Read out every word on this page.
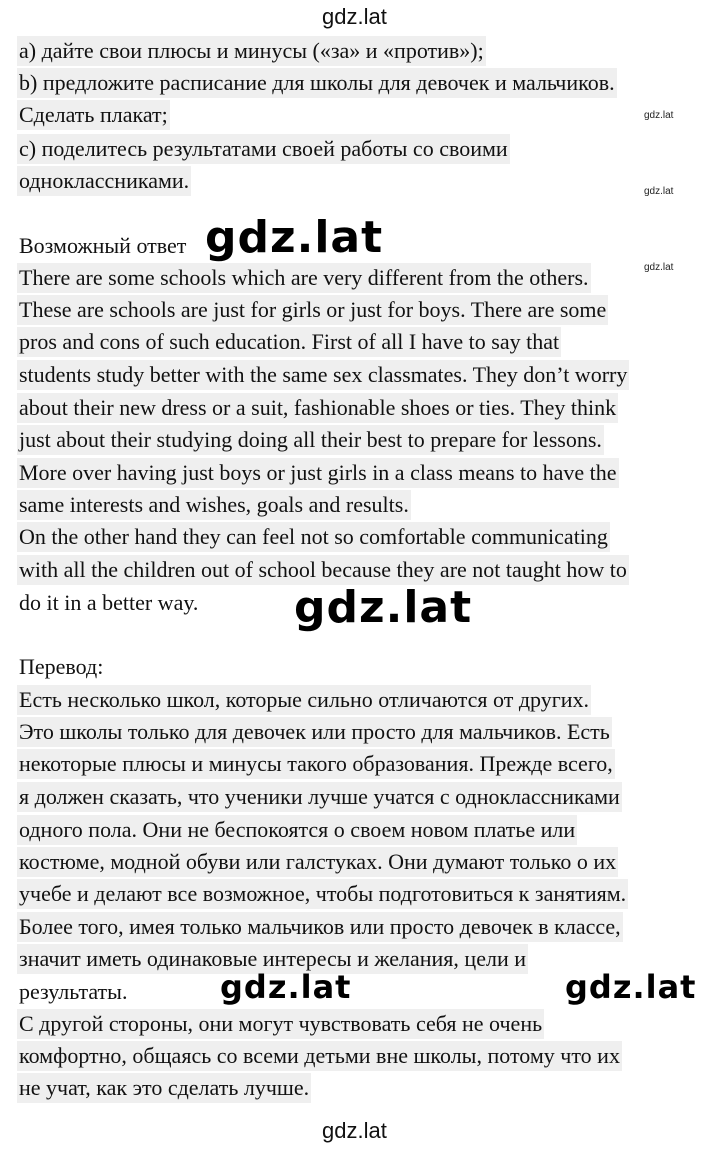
gdz.lat
a) дайте свои плюсы и минусы («за» и «против»);
b) предложите расписание для школы для девочек и мальчиков.
Сделать плакат;
c) поделитесь результатами своей работы со своими
одноклассниками.
gdz.lat
gdz.lat
gdz.lat
Возможный ответ gdz.lat
There are some schools which are very different from the others.
These are schools are just for girls or just for boys. There are some
pros and cons of such education. First of all I have to say that
students study better with the same sex classmates. They don’t worry
about their new dress or a suit, fashionable shoes or ties. They think
just about their studying doing all their best to prepare for lessons.
More over having just boys or just girls in a class means to have the
same interests and wishes, goals and results.
On the other hand they can feel not so comfortable communicating
with all the children out of school because they are not taught how to
do it in a better way. gdz.lat
Перевод:
Есть несколько школ, которые сильно отличаются от других.
Это школы только для девочек или просто для мальчиков. Есть
некоторые плюсы и минусы такого образования. Прежде всего,
я должен сказать, что ученики лучше учатся с одноклассниками
одного пола. Они не беспокоятся о своем новом платье или
костюме, модной обуви или галстуках. Они думают только о их
учебе и делают все возможное, чтобы подготовиться к занятиям.
Более того, имея только мальчиков или просто девочек в классе,
значит иметь одинаковые интересы и желания, цели и
результаты.	gdz.lat	gdz.lat
С другой стороны, они могут чувствовать себя не очень
комфортно, общаясь со всеми детьми вне школы, потому что их
не учат, как это сделать лучше.
gdz.lat
